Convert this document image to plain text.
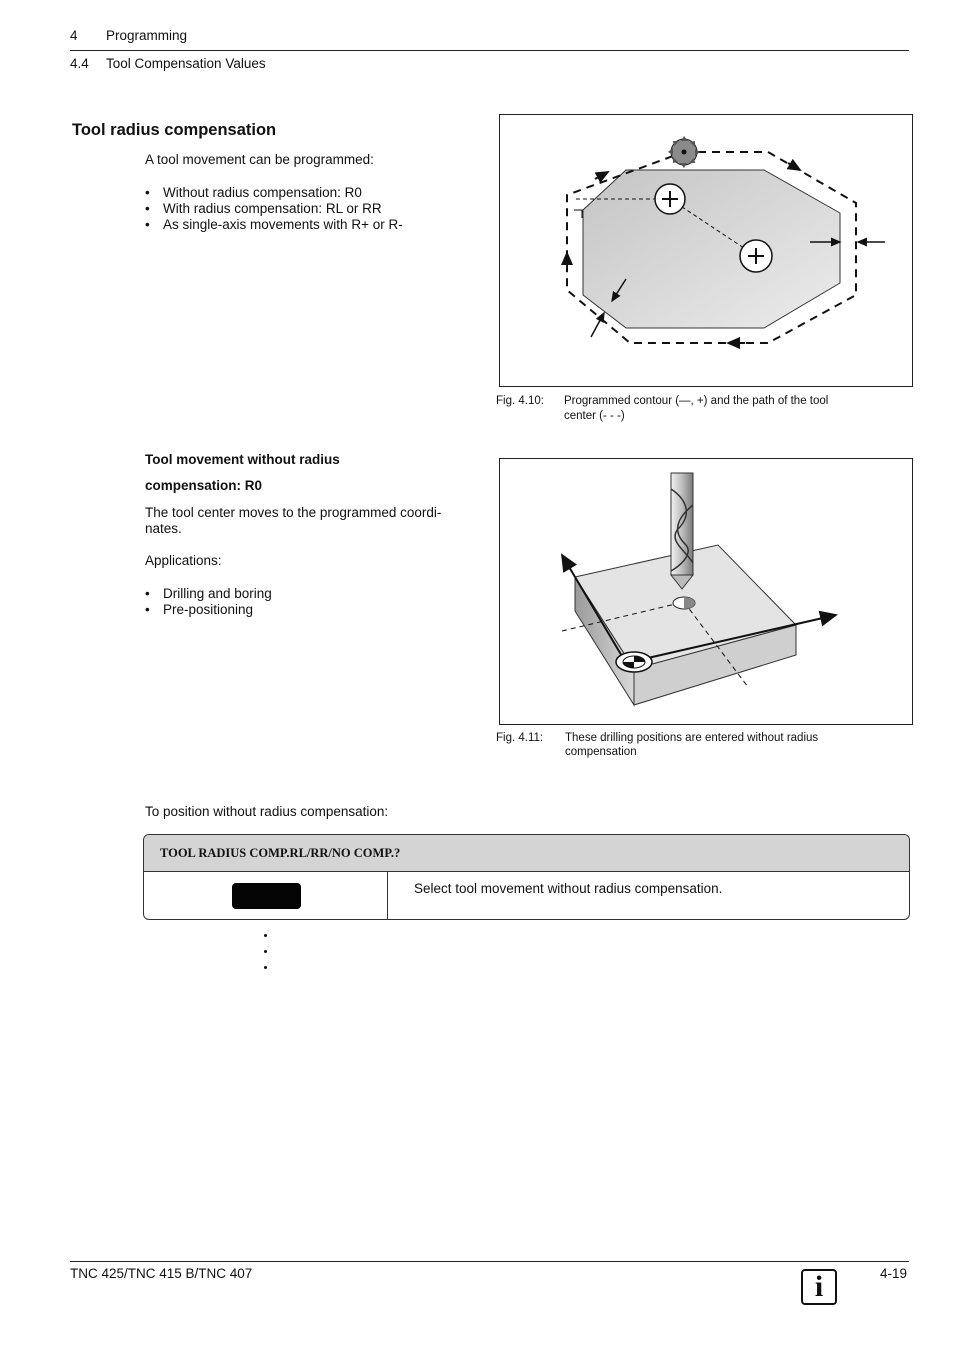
4 Programming
4.4 Tool Compensation Values
Tool radius compensation
A tool movement can be programmed:
• Without radius compensation: R0
• With radius compensation: RL or RR
• As single-axis movements with R+ or R-
Fig. 4.10: Programmed contour (—, +) and the path of the tool
center (- - -)
Tool movement without radius
compensation: R0
The tool center moves to the programmed coordi-
nates.
Applications:
• Drilling and boring
• Pre-positioning
Fig. 4.11: These drilling positions are entered without radius
compensation
To position without radius compensation:
TOOL RADIUS COMP.RL/RR/NO COMP.?
Select tool movement without radius compensation.
TNC 425/TNC 415 B/TNC 407	i	4-19
